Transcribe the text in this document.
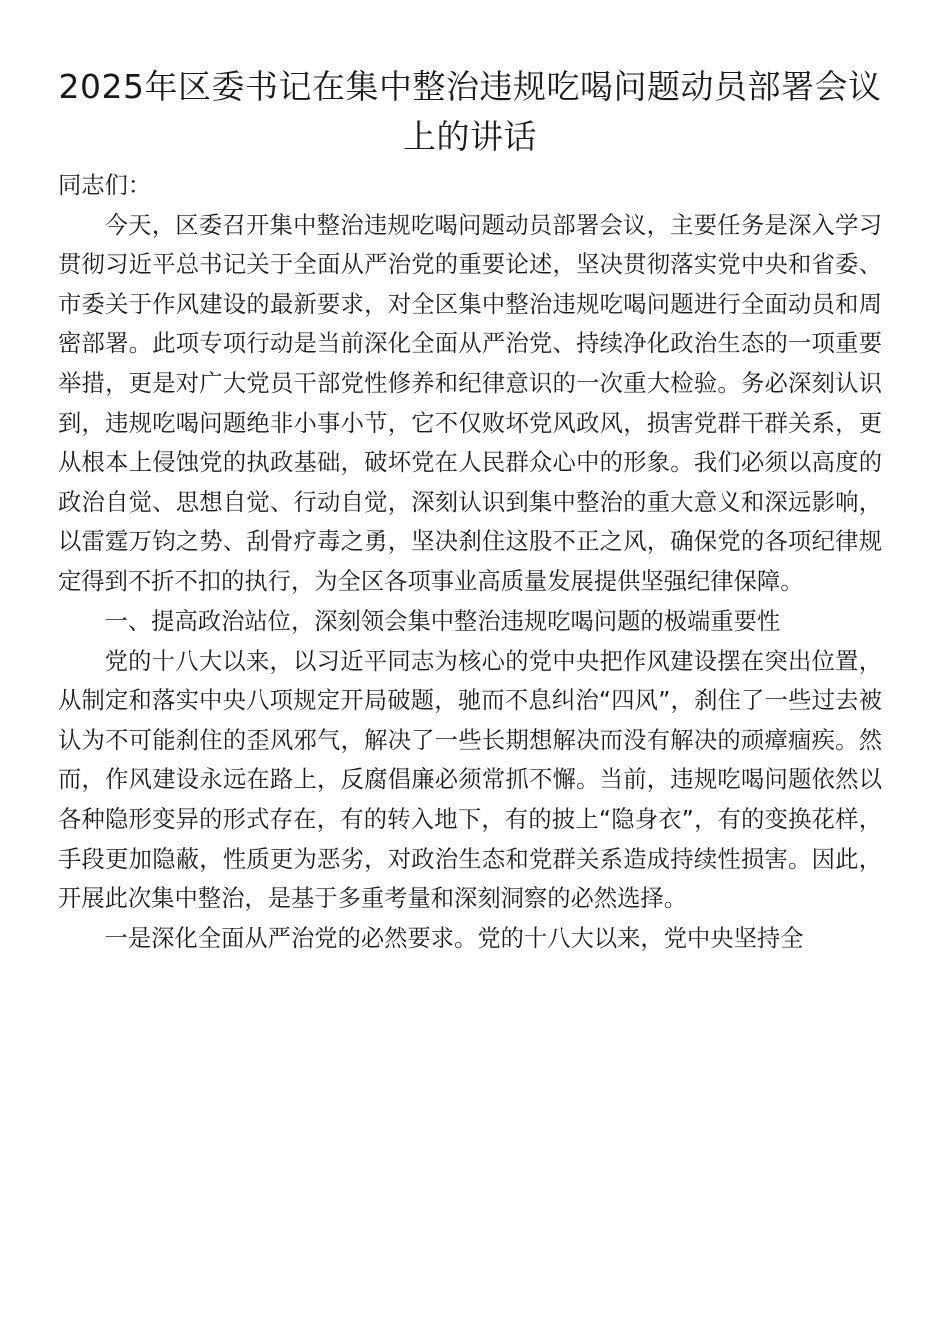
2025年区委书记在集中整治违规吃喝问题动员部署会议上的讲话

同志们：

今天，区委召开集中整治违规吃喝问题动员部署会议，主要任务是深入学习贯彻习近平总书记关于全面从严治党的重要论述，坚决贯彻落实党中央和省委、市委关于作风建设的最新要求，对全区集中整治违规吃喝问题进行全面动员和周密部署。此项专项行动是当前深化全面从严治党、持续净化政治生态的一项重要举措，更是对广大党员干部党性修养和纪律意识的一次重大检验。务必深刻认识到，违规吃喝问题绝非小事小节，它不仅败坏党风政风，损害党群干群关系，更从根本上侵蚀党的执政基础，破坏党在人民群众心中的形象。我们必须以高度的政治自觉、思想自觉、行动自觉，深刻认识到集中整治的重大意义和深远影响，以雷霆万钧之势、刮骨疗毒之勇，坚决刹住这股不正之风，确保党的各项纪律规定得到不折不扣的执行，为全区各项事业高质量发展提供坚强纪律保障。

一、提高政治站位，深刻领会集中整治违规吃喝问题的极端重要性

党的十八大以来，以习近平同志为核心的党中央把作风建设摆在突出位置，从制定和落实中央八项规定开局破题，驰而不息纠治“四风”，刹住了一些过去被认为不可能刹住的歪风邪气，解决了一些长期想解决而没有解决的顽瘴痼疾。然而，作风建设永远在路上，反腐倡廉必须常抓不懈。当前，违规吃喝问题依然以各种隐形变异的形式存在，有的转入地下，有的披上“隐身衣”，有的变换花样，手段更加隐蔽，性质更为恶劣，对政治生态和党群关系造成持续性损害。因此，开展此次集中整治，是基于多重考量和深刻洞察的必然选择。

一是深化全面从严治党的必然要求。党的十八大以来，党中央坚持全
